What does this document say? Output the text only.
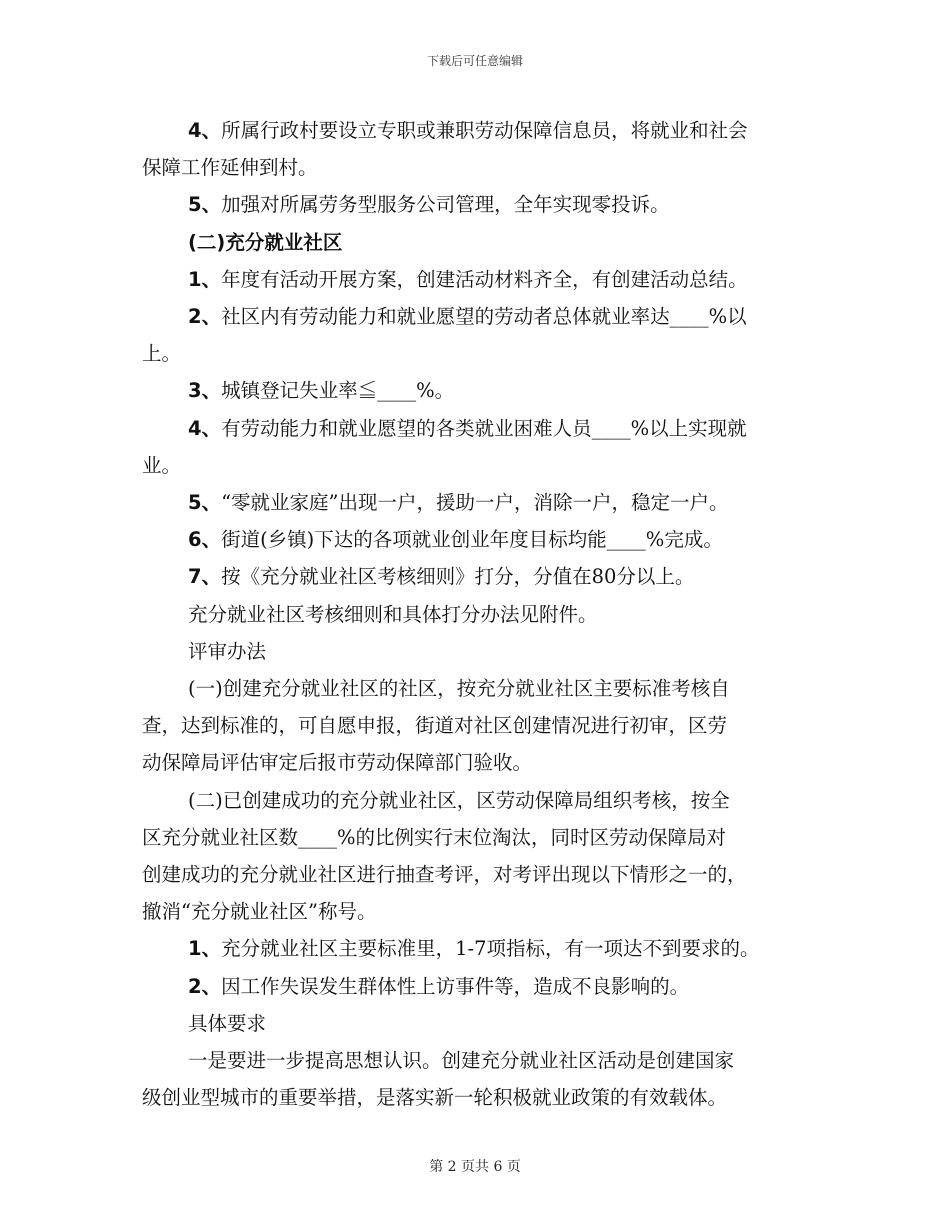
下载后可任意编辑
4、所属行政村要设立专职或兼职劳动保障信息员，将就业和社会
保障工作延伸到村。
5、加强对所属劳务型服务公司管理，全年实现零投诉。
(二)充分就业社区
1、年度有活动开展方案，创建活动材料齐全，有创建活动总结。
2、社区内有劳动能力和就业愿望的劳动者总体就业率达____%以
上。
3、城镇登记失业率≦____%。
4、有劳动能力和就业愿望的各类就业困难人员____%以上实现就
业。
5、“零就业家庭”出现一户，援助一户，消除一户，稳定一户。
6、街道(乡镇)下达的各项就业创业年度目标均能____%完成。
7、按《充分就业社区考核细则》打分，分值在80分以上。
充分就业社区考核细则和具体打分办法见附件。
评审办法
(一)创建充分就业社区的社区，按充分就业社区主要标准考核自
查，达到标准的，可自愿申报，街道对社区创建情况进行初审，区劳
动保障局评估审定后报市劳动保障部门验收。
(二)已创建成功的充分就业社区，区劳动保障局组织考核，按全
区充分就业社区数____%的比例实行末位淘汰，同时区劳动保障局对
创建成功的充分就业社区进行抽查考评，对考评出现以下情形之一的，
撤消“充分就业社区”称号。
1、充分就业社区主要标准里，1-7项指标，有一项达不到要求的。
2、因工作失误发生群体性上访事件等，造成不良影响的。
具体要求
一是要进一步提高思想认识。创建充分就业社区活动是创建国家
级创业型城市的重要举措，是落实新一轮积极就业政策的有效载体。
第 2 页共 6 页
